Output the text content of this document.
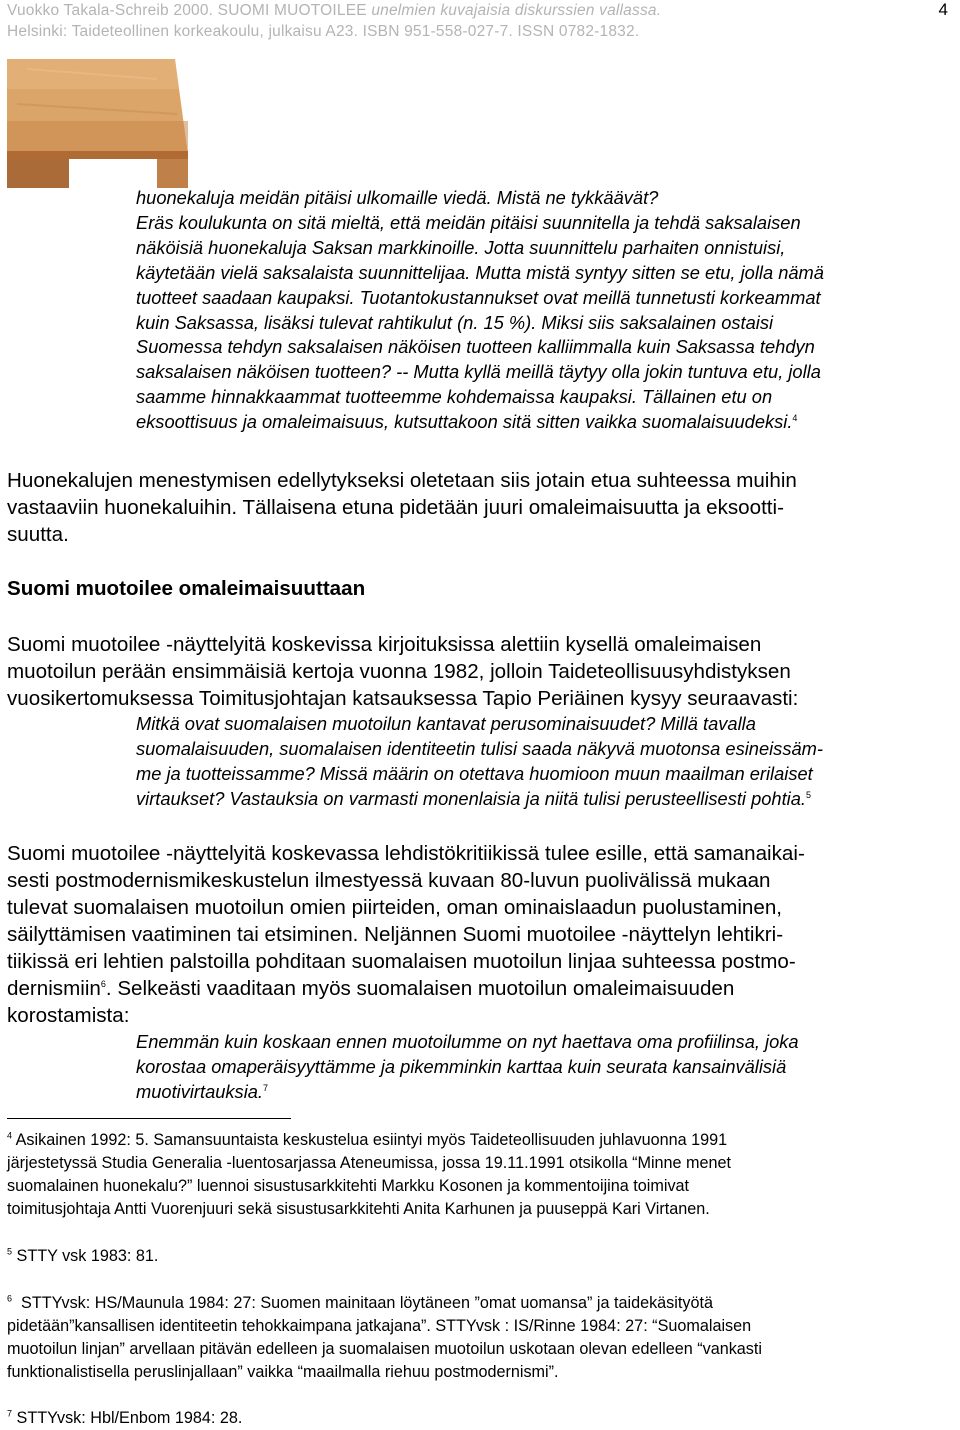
Vuokko Takala-Schreib 2000. SUOMI MUOTOILEE unelmien kuvajaisia diskurssien vallassa.
Helsinki: Taideteollinen korkeakoulu, julkaisu A23. ISBN 951-558-027-7. ISSN 0782-1832.
4
huonekaluja meidän pitäisi ulkomaille viedä. Mistä ne tykkäävät?
Eräs koulukunta on sitä mieltä, että meidän pitäisi suunnitella ja tehdä saksalaisen
näköisiä huonekaluja Saksan markkinoille. Jotta suunnittelu parhaiten onnistuisi,
käytetään vielä saksalaista suunnittelijaa. Mutta mistä syntyy sitten se etu, jolla nämä
tuotteet saadaan kaupaksi. Tuotantokustannukset ovat meillä tunnetusti korkeammat
kuin Saksassa, lisäksi tulevat rahtikulut (n. 15 %). Miksi siis saksalainen ostaisi
Suomessa tehdyn saksalaisen näköisen tuotteen kalliimmalla kuin Saksassa tehdyn
saksalaisen näköisen tuotteen? -- Mutta kyllä meillä täytyy olla jokin tuntuva etu, jolla
saamme hinnakkaammat tuotteemme kohdemaissa kaupaksi. Tällainen etu on
eksoottisuus ja omaleimaisuus, kutsuttakoon sitä sitten vaikka suomalaisuudeksi.$^4$
Huonekalujen menestymisen edellytykseksi oletetaan siis jotain etua suhteessa muihin
vastaaviin huonekaluihin. Tällaisena etuna pidetään juuri omaleimaisuutta ja eksootti-
suutta.
Suomi muotoilee omaleimaisuuttaan
Suomi muotoilee -näyttelyitä koskevissa kirjoituksissa alettiin kysellä omaleimaisen
muotoilun perään ensimmäisiä kertoja vuonna 1982, jolloin Taideteollisuusyhdistyksen
vuosikertomuksessa Toimitusjohtajan katsauksessa Tapio Periäinen kysyy seuraavasti:
Mitkä ovat suomalaisen muotoilun kantavat perusominaisuudet? Millä tavalla
suomalaisuuden, suomalaisen identiteetin tulisi saada näkyvä muotonsa esineissäm-
me ja tuotteissamme? Missä määrin on otettava huomioon muun maailman erilaiset
virtaukset? Vastauksia on varmasti monenlaisia ja niitä tulisi perusteellisesti pohtia.$^5$
Suomi muotoilee -näyttelyitä koskevassa lehdistökritiikissä tulee esille, että samanaikai-
sesti postmodernismikeskustelun ilmestyessä kuvaan 80-luvun puolivälissä mukaan
tulevat suomalaisen muotoilun omien piirteiden, oman ominaislaadun puolustaminen,
säilyttämisen vaatiminen tai etsiminen. Neljännen Suomi muotoilee -näyttelyn lehtikri-
tiikissä eri lehtien palstoilla pohditaan suomalaisen muotoilun linjaa suhteessa postmo-
dernismiin$^6$. Selkeästi vaaditaan myös suomalaisen muotoilun omaleimaisuuden
korostamista:
Enemmän kuin koskaan ennen muotoilumme on nyt haettava oma profiilinsa, joka
korostaa omaperäisyyttämme ja pikemminkin karttaa kuin seurata kansainvälisiä
muotivirtauksia.$^7$
$^4$ Asikainen 1992: 5. Samansuuntaista keskustelua esiintyi myös Taideteollisuuden juhlavuonna 1991
järjestetyssä Studia Generalia -luentosarjassa Ateneumissa, jossa 19.11.1991 otsikolla “Minne menet
suomalainen huonekalu?” luennoi sisustusarkkitehti Markku Kosonen ja kommentoijina toimivat
toimitusjohtaja Antti Vuorenjuuri sekä sisustusarkkitehti Anita Karhunen ja puuseppä Kari Virtanen.
$^5$ STTY vsk 1983: 81.
$^6$ STTYvsk: HS/Maunula 1984: 27: Suomen mainitaan löytäneen ”omat uomansa” ja taidekäsityötä
pidetään”kansallisen identiteetin tehokkaimpana jatkajana”. STTYvsk : IS/Rinne 1984: 27: “Suomalaisen
muotoilun linjan” arvellaan pitävän edelleen ja suomalaisen muotoilun uskotaan olevan edelleen “vankasti
funktionalistisella peruslinjallaan” vaikka “maailmalla riehuu postmodernismi”.
$^7$ STTYvsk: Hbl/Enbom 1984: 28.
